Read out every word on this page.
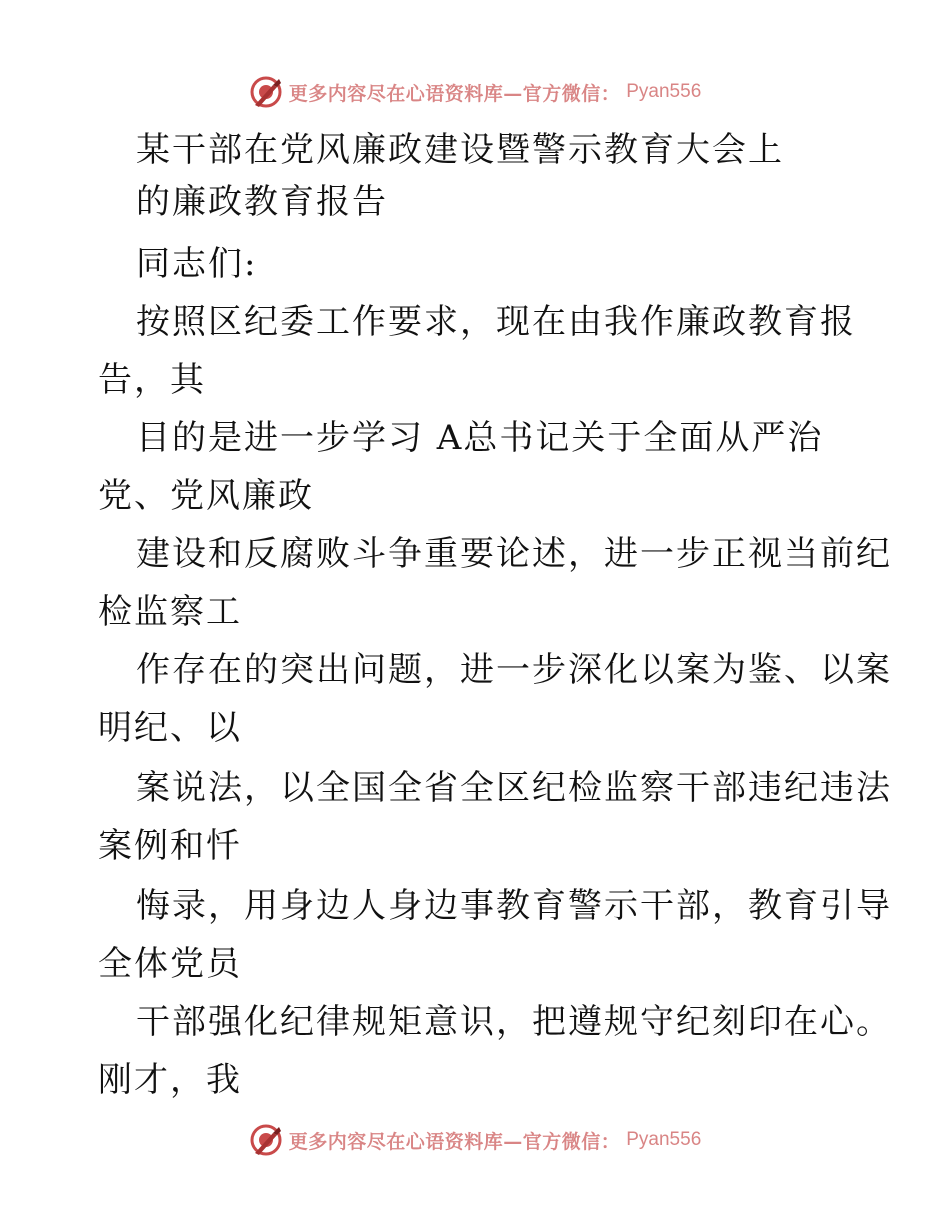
更多内容尽在心语资料库—官方微信： Pyan556
某干部在党风廉政建设暨警示教育大会上
的廉政教育报告
同志们:
按照区纪委工作要求，现在由我作廉政教育报
告，其
目的是进一步学习 A总书记关于全面从严治
党、党风廉政
建设和反腐败斗争重要论述，进一步正视当前纪
检监察工
作存在的突出问题，进一步深化以案为鉴、以案
明纪、以
案说法，以全国全省全区纪检监察干部违纪违法
案例和忏
悔录，用身边人身边事教育警示干部，教育引导
全体党员
干部强化纪律规矩意识，把遵规守纪刻印在心。
刚才，我
更多内容尽在心语资料库—官方微信： Pyan556
